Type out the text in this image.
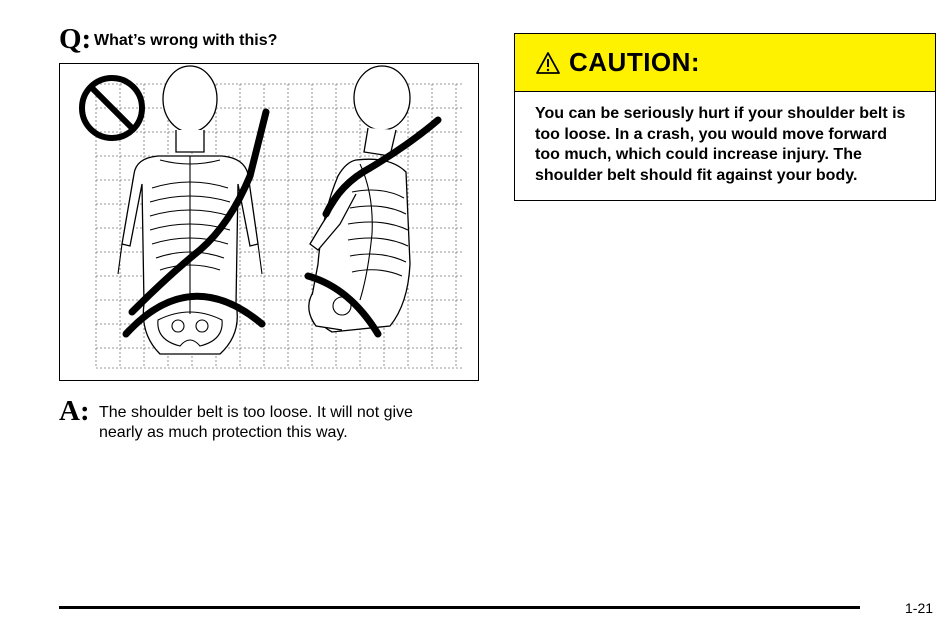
Q: What’s wrong with this?
A: The shoulder belt is too loose. It will not give nearly as much protection this way.
CAUTION:
You can be seriously hurt if your shoulder belt is too loose. In a crash, you would move forward too much, which could increase injury. The shoulder belt should fit against your body.
1-21
